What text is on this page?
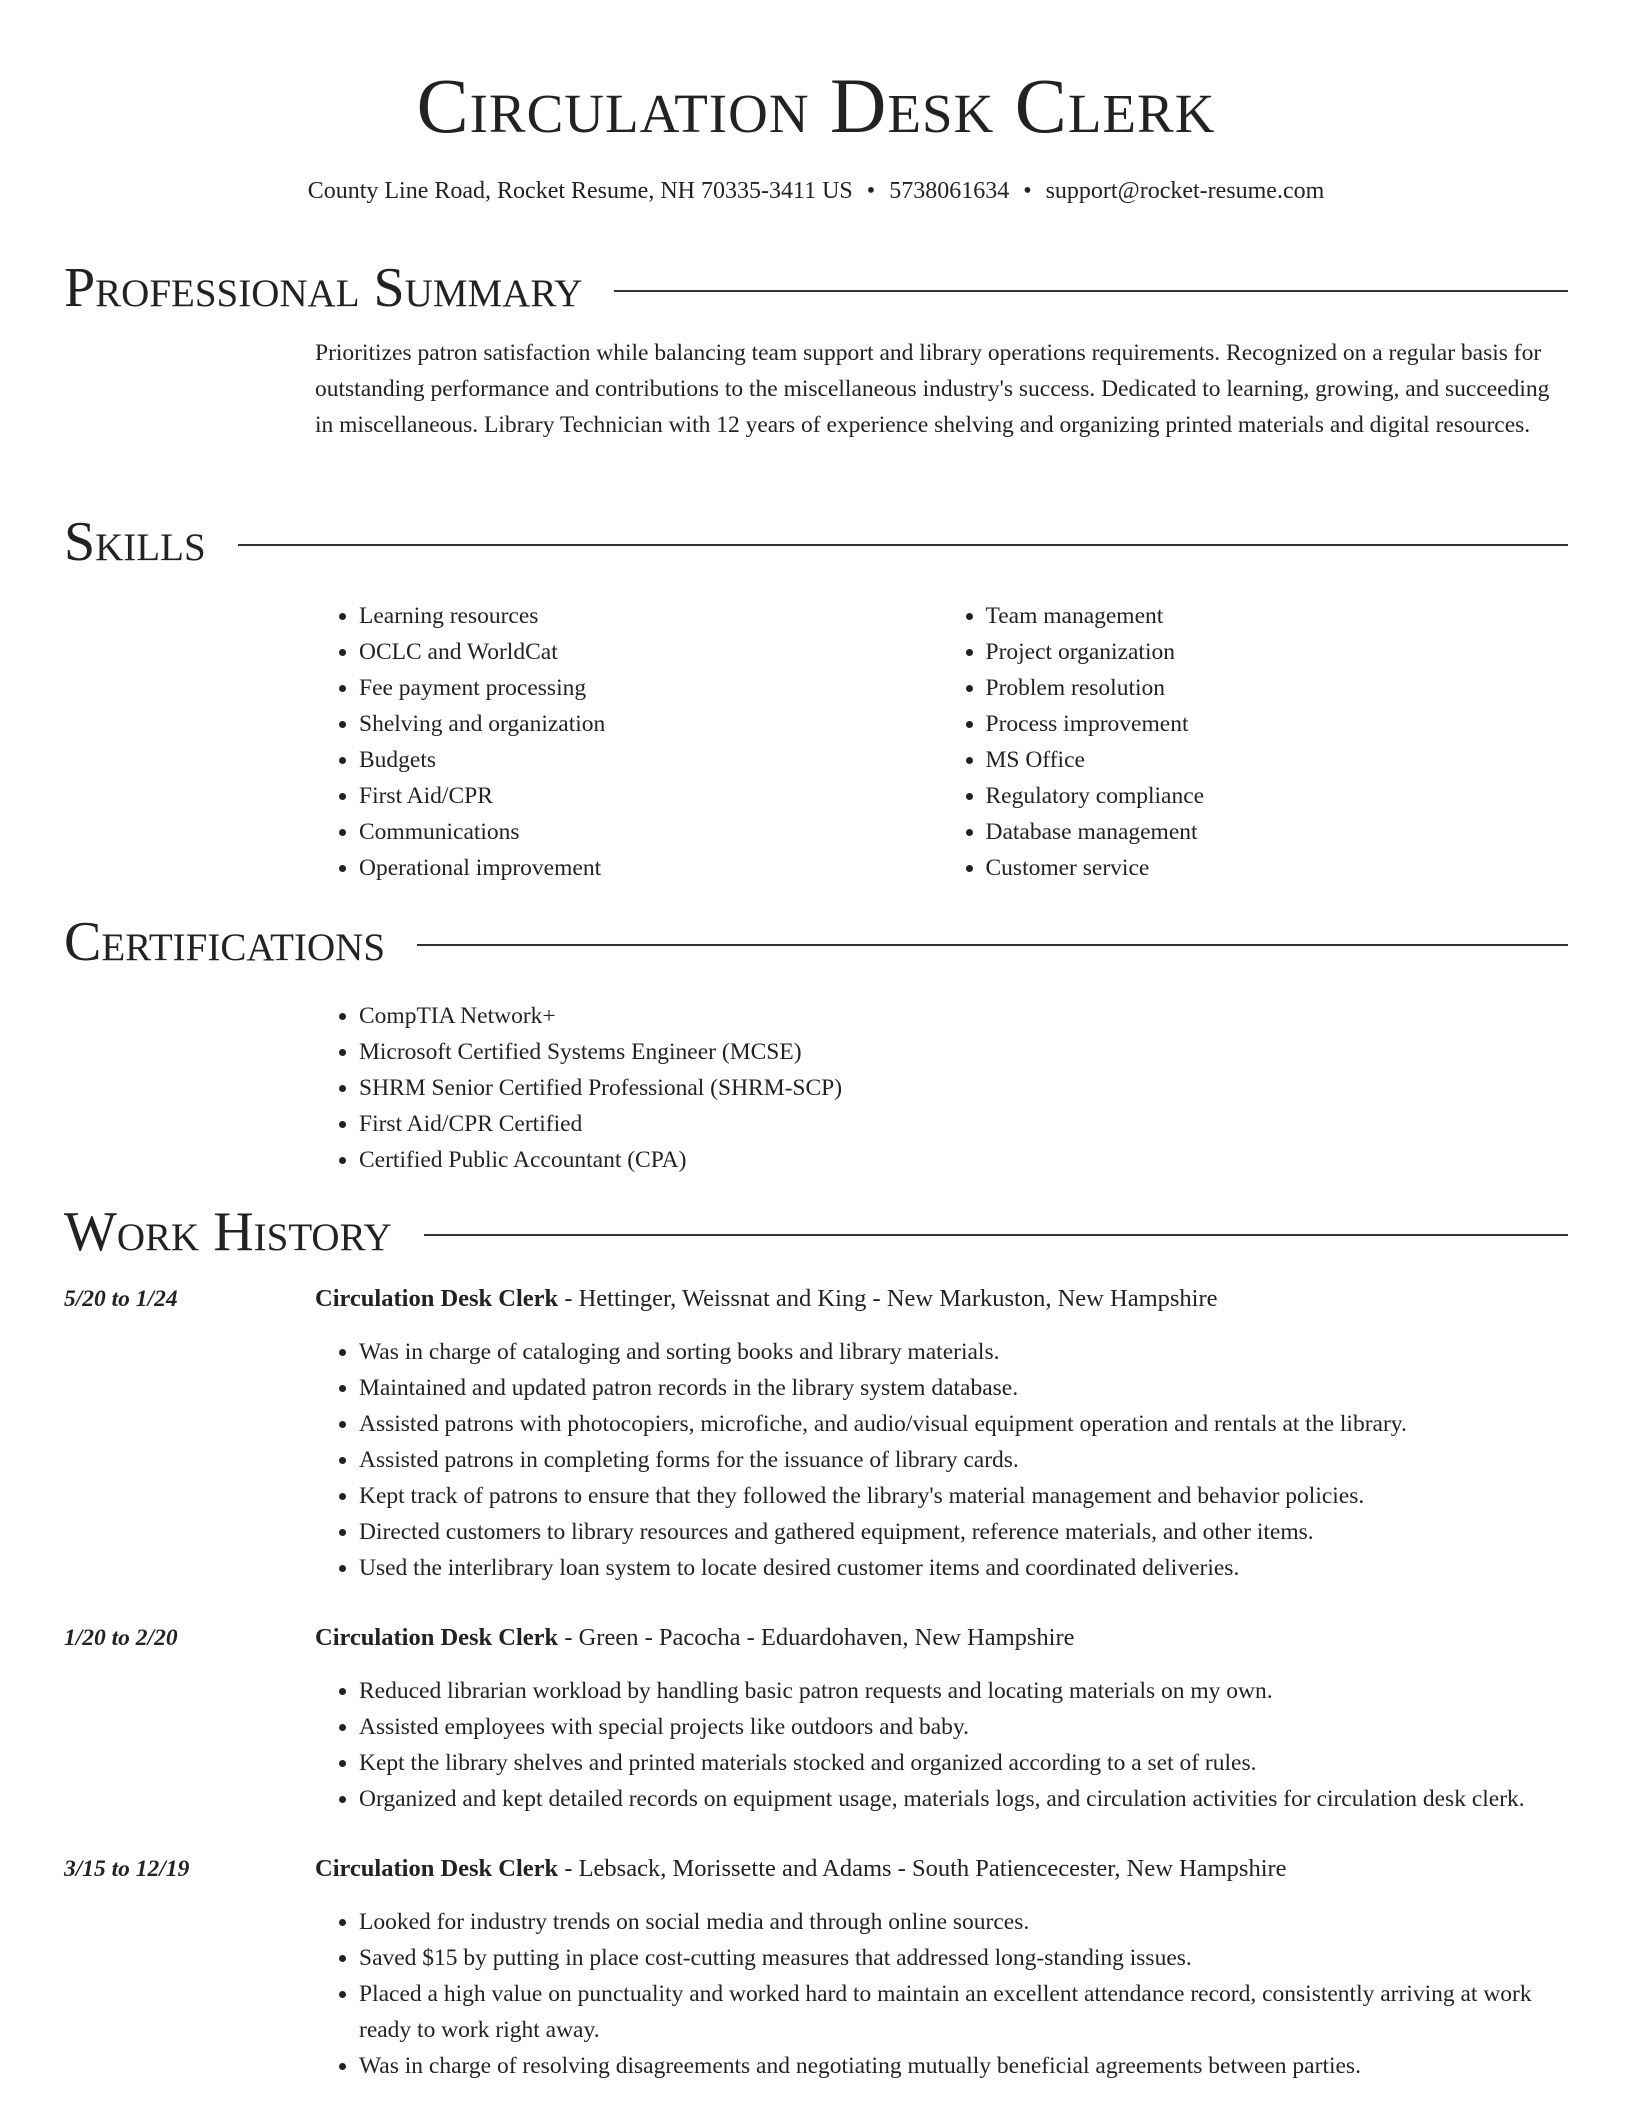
Circulation Desk Clerk
County Line Road, Rocket Resume, NH 70335-3411 US • 5738061634 • support@rocket-resume.com
Professional Summary

Prioritizes patron satisfaction while balancing team support and library operations requirements. Recognized on a regular basis for outstanding performance and contributions to the miscellaneous industry's success. Dedicated to learning, growing, and succeeding in miscellaneous. Library Technician with 12 years of experience shelving and organizing printed materials and digital resources.

Skills
• Learning resources
• OCLC and WorldCat
• Fee payment processing
• Shelving and organization
• Budgets
• First Aid/CPR
• Communications
• Operational improvement
• Team management
• Project organization
• Problem resolution
• Process improvement
• MS Office
• Regulatory compliance
• Database management
• Customer service
Certifications
• CompTIA Network+
• Microsoft Certified Systems Engineer (MCSE)
• SHRM Senior Certified Professional (SHRM-SCP)
• First Aid/CPR Certified
• Certified Public Accountant (CPA)
Work History
5/20 to 1/24	Circulation Desk Clerk - Hettinger, Weissnat and King - New Markuston, New Hampshire
• Was in charge of cataloging and sorting books and library materials.
• Maintained and updated patron records in the library system database.
• Assisted patrons with photocopiers, microfiche, and audio/visual equipment operation and rentals at the library.
• Assisted patrons in completing forms for the issuance of library cards.
• Kept track of patrons to ensure that they followed the library's material management and behavior policies.
• Directed customers to library resources and gathered equipment, reference materials, and other items.
• Used the interlibrary loan system to locate desired customer items and coordinated deliveries.
1/20 to 2/20	Circulation Desk Clerk - Green - Pacocha - Eduardohaven, New Hampshire
• Reduced librarian workload by handling basic patron requests and locating materials on my own.
• Assisted employees with special projects like outdoors and baby.
• Kept the library shelves and printed materials stocked and organized according to a set of rules.
• Organized and kept detailed records on equipment usage, materials logs, and circulation activities for circulation desk clerk.
3/15 to 12/19	Circulation Desk Clerk - Lebsack, Morissette and Adams - South Patiencecester, New Hampshire
• Looked for industry trends on social media and through online sources.
• Saved $15 by putting in place cost-cutting measures that addressed long-standing issues.
• Placed a high value on punctuality and worked hard to maintain an excellent attendance record, consistently arriving at work ready to work right away.
• Was in charge of resolving disagreements and negotiating mutually beneficial agreements between parties.
